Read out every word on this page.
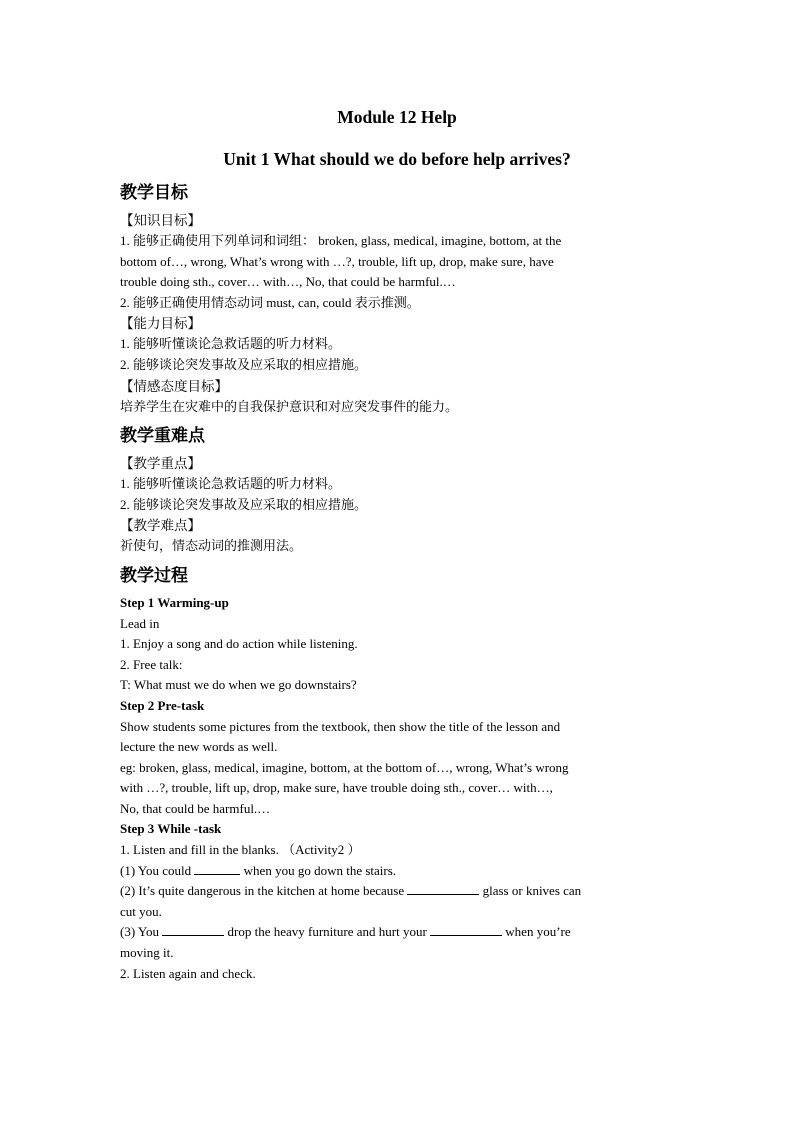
Module 12 Help

Unit 1 What should we do before help arrives?

教学目标

【知识目标】

1. 能够正确使用下列单词和词组： broken, glass, medical, imagine, bottom, at the

bottom of…, wrong, What’s wrong with …?, trouble, lift up, drop, make sure, have

trouble doing sth., cover… with…, No, that could be harmful.…

2. 能够正确使用情态动词 must, can, could 表示推测。

【能力目标】

1. 能够听懂谈论急救话题的听力材料。

2. 能够谈论突发事故及应采取的相应措施。

【情感态度目标】

培养学生在灾难中的自我保护意识和对应突发事件的能力。

教学重难点

【教学重点】

1. 能够听懂谈论急救话题的听力材料。

2. 能够谈论突发事故及应采取的相应措施。

【教学难点】

祈使句，情态动词的推测用法。

教学过程

Step 1 Warming-up

Lead in

1. Enjoy a song and do action while listening.

2. Free talk:

T: What must we do when we go downstairs?

Step 2 Pre-task

Show students some pictures from the textbook, then show the title of the lesson and

lecture the new words as well.

eg: broken, glass, medical, imagine, bottom, at the bottom of…, wrong, What’s wrong

with …?, trouble, lift up, drop, make sure, have trouble doing sth., cover… with…,

No, that could be harmful.…

Step 3 While -task

1. Listen and fill in the blanks. （Activity2 ）

(1) You could	when you go down the stairs.

(2) It’s quite dangerous in the kitchen at home because	glass or knives can

cut you.

(3) You	drop the heavy furniture and hurt your	when you’re

moving it.

2. Listen again and check.
